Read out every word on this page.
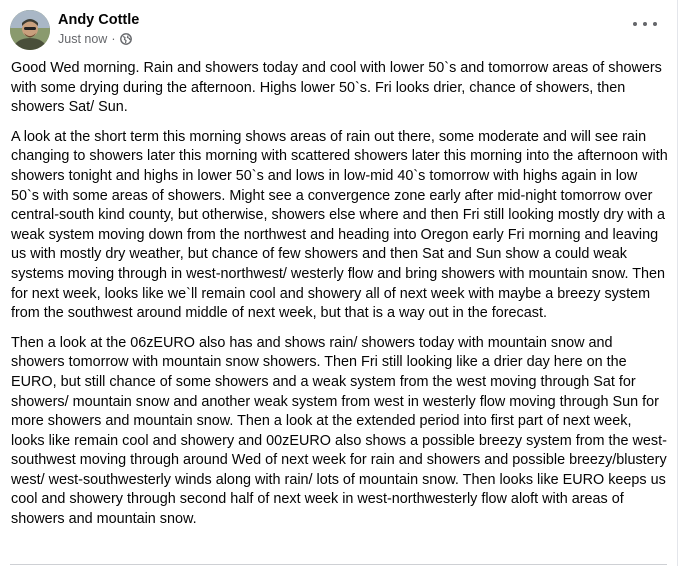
Andy Cottle
Just now ·

Good Wed morning. Rain and showers today and cool with lower 50`s and tomorrow areas of showers with some drying during the afternoon. Highs lower 50`s. Fri looks drier, chance of showers, then showers Sat/ Sun.

A look at the short term this morning shows areas of rain out there, some moderate and will see rain changing to showers later this morning with scattered showers later this morning into the afternoon with showers tonight and highs in lower 50`s and lows in low-mid 40`s tomorrow with highs again in low 50`s with some areas of showers. Might see a convergence zone early after mid-night tomorrow over central-south kind county, but otherwise, showers else where and then Fri still looking mostly dry with a weak system moving down from the northwest and heading into Oregon early Fri morning and leaving us with mostly dry weather, but chance of few showers and then Sat and Sun show a could weak systems moving through in west-northwest/ westerly flow and bring showers with mountain snow. Then for next week, looks like we`ll remain cool and showery all of next week with maybe a breezy system from the southwest around middle of next week, but that is a way out in the forecast.

Then a look at the 06zEURO also has and shows rain/ showers today with mountain snow and showers tomorrow with mountain snow showers. Then Fri still looking like a drier day here on the EURO, but still chance of some showers and a weak system from the west moving through Sat for showers/ mountain snow and another weak system from west in westerly flow moving through Sun for more showers and mountain snow. Then a look at the extended period into first part of next week, looks like remain cool and showery and 00zEURO also shows a possible breezy system from the west-southwest moving through around Wed of next week for rain and showers and possible breezy/blustery west/ west-southwesterly winds along with rain/ lots of mountain snow. Then looks like EURO keeps us cool and showery through second half of next week in west-northwesterly flow aloft with areas of showers and mountain snow.
